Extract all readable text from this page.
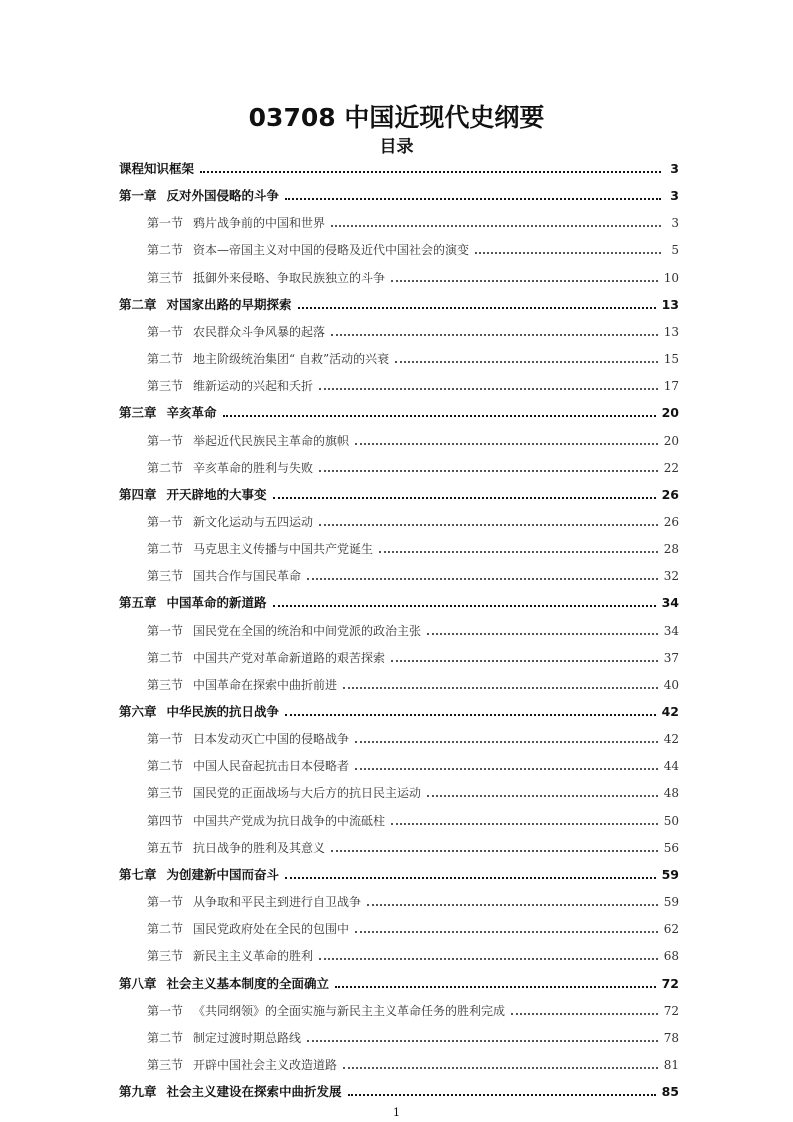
03708 中国近现代史纲要
目录
课程知识框架	3
第一章 反对外国侵略的斗争	3
第一节 鸦片战争前的中国和世界	3
第二节 资本—帝国主义对中国的侵略及近代中国社会的演变	5
第三节 抵御外来侵略、争取民族独立的斗争	10
第二章 对国家出路的早期探索	13
第一节 农民群众斗争风暴的起落	13
第二节 地主阶级统治集团“ 自救”活动的兴衰	15
第三节 维新运动的兴起和夭折	17
第三章 辛亥革命	20
第一节 举起近代民族民主革命的旗帜	20
第二节 辛亥革命的胜利与失败	22
第四章 开天辟地的大事变	26
第一节 新文化运动与五四运动	26
第二节 马克思主义传播与中国共产党诞生	28
第三节 国共合作与国民革命	32
第五章 中国革命的新道路	34
第一节 国民党在全国的统治和中间党派的政治主张	34
第二节 中国共产党对革命新道路的艰苦探索	37
第三节 中国革命在探索中曲折前进	40
第六章 中华民族的抗日战争	42
第一节 日本发动灭亡中国的侵略战争	42
第二节 中国人民奋起抗击日本侵略者	44
第三节 国民党的正面战场与大后方的抗日民主运动	48
第四节 中国共产党成为抗日战争的中流砥柱	50
第五节 抗日战争的胜利及其意义	56
第七章 为创建新中国而奋斗	59
第一节 从争取和平民主到进行自卫战争	59
第二节 国民党政府处在全民的包围中	62
第三节 新民主主义革命的胜利	68
第八章 社会主义基本制度的全面确立	72
第一节 《共同纲领》的全面实施与新民主主义革命任务的胜利完成	72
第二节 制定过渡时期总路线	78
第三节 开辟中国社会主义改造道路	81
第九章 社会主义建设在探索中曲折发展	85
1
